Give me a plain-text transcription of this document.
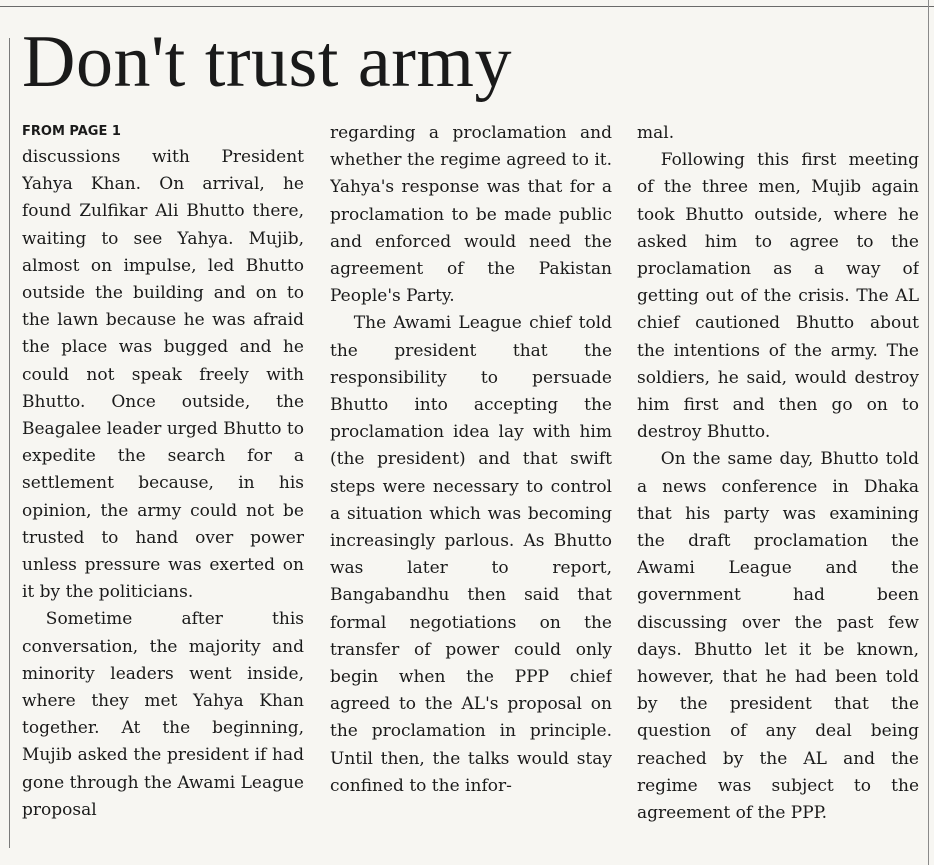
Don't trust army
FROM PAGE 1

discussions with President Yahya Khan. On arrival, he found Zulfikar Ali Bhutto there, waiting to see Yahya. Mujib, almost on impulse, led Bhutto outside the building and on to the lawn because he was afraid the place was bugged and he could not speak freely with Bhutto. Once outside, the Beagalee leader urged Bhutto to expedite the search for a settlement because, in his opinion, the army could not be trusted to hand over power unless pressure was exerted on it by the politicians.

Sometime after this conversation, the majority and minority leaders went inside, where they met Yahya Khan together. At the beginning, Mujib asked the president if had gone through the Awami League proposal

regarding a proclamation and whether the regime agreed to it. Yahya's response was that for a proclamation to be made public and enforced would need the agreement of the Pakistan People's Party.

The Awami League chief told the president that the responsibility to persuade Bhutto into accepting the proclamation idea lay with him (the president) and that swift steps were necessary to control a situation which was becoming increasingly parlous. As Bhutto was later to report, Bangabandhu then said that formal negotiations on the transfer of power could only begin when the PPP chief agreed to the AL's proposal on the proclamation in principle. Until then, the talks would stay confined to the infor-

mal.

Following this first meeting of the three men, Mujib again took Bhutto outside, where he asked him to agree to the proclamation as a way of getting out of the crisis. The AL chief cautioned Bhutto about the intentions of the army. The soldiers, he said, would destroy him first and then go on to destroy Bhutto.

On the same day, Bhutto told a news conference in Dhaka that his party was examining the draft proclamation the Awami League and the government had been discussing over the past few days. Bhutto let it be known, however, that he had been told by the president that the question of any deal being reached by the AL and the regime was subject to the agreement of the PPP.
